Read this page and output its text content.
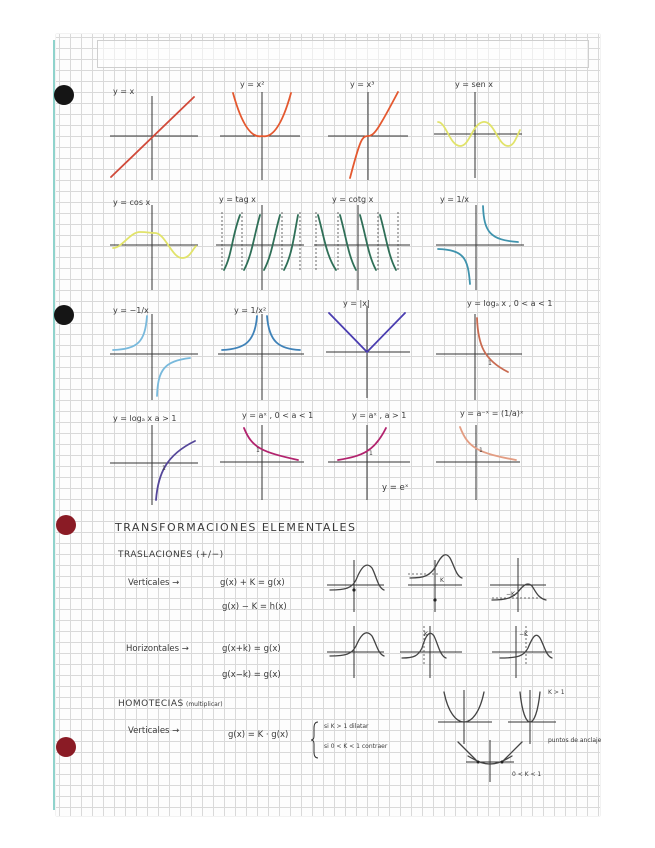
y = x
y = x²	y = x³	y = sen x
y = cos x	y = tag x	y = cotg x	y = 1/x
y = −1/x	y = 1/x²
y = |x|	y = logₐ x , 0 < a < 1
1
y = logₐ x a > 1
1
y = aˣ , 0 < a < 1
1
y = aˣ , a > 1
1
y = eˣ
y = a⁻ˣ = (1/a)ˣ
1
TRANSFORMACIONES ELEMENTALES
TRASLACIONES (+/−)
Verticales →	g(x) + K = g(x)
g(x) − K = h(x)
Horizontales →	g(x+k) = g(x)
g(x−k) = g(x)
K
−K
K	−K
HOMOTECIAS (multiplicar)
Verticales →	g(x) = K · g(x)
si K > 1 dilatar
si 0 < K < 1 contraer
K > 1
puntos de anclaje
0 < K < 1
